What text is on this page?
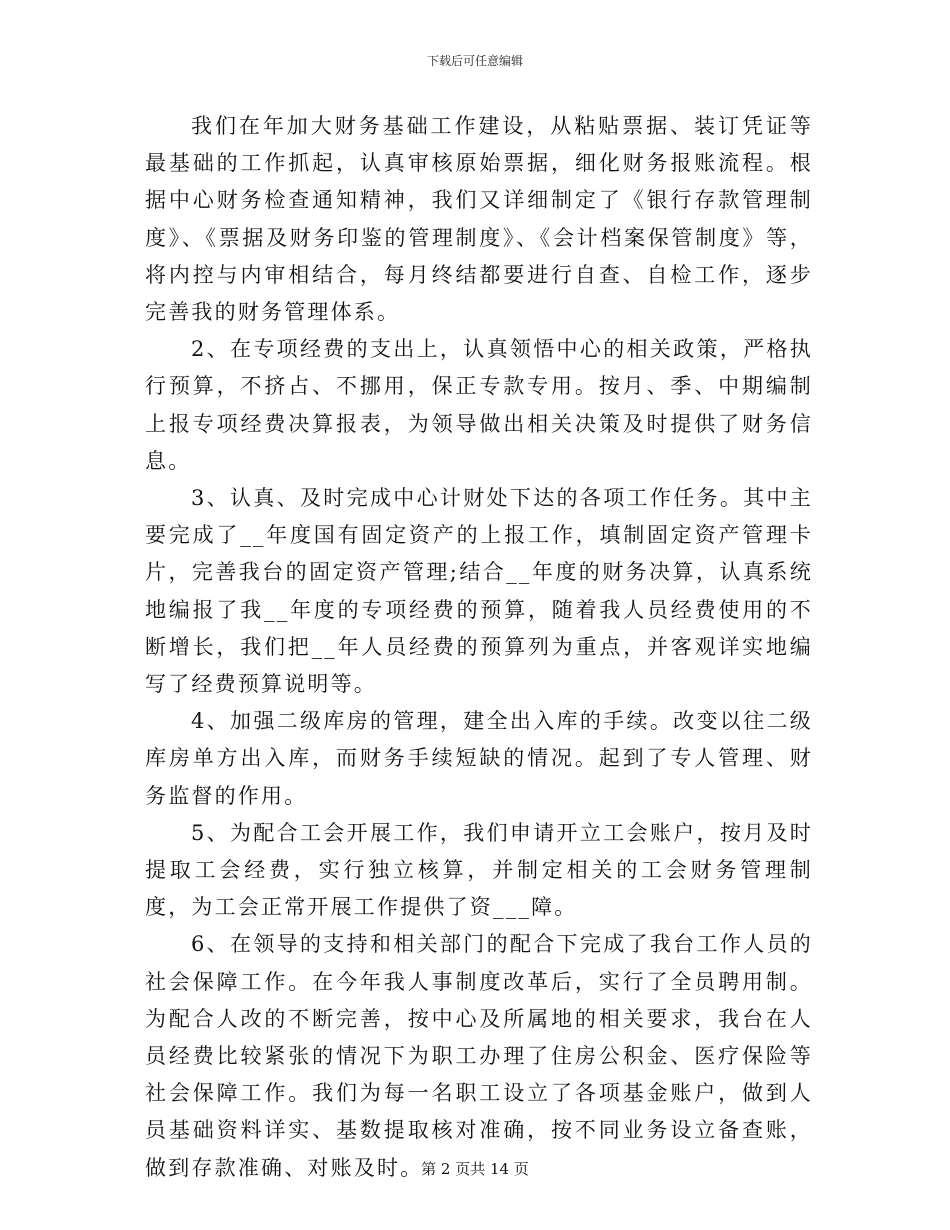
下载后可任意编辑

我们在年加大财务基础工作建设，从粘贴票据、装订凭证等最基础的工作抓起，认真审核原始票据，细化财务报账流程。根据中心财务检查通知精神，我们又详细制定了《银行存款管理制度》、《票据及财务印鉴的管理制度》、《会计档案保管制度》等，将内控与内审相结合，每月终结都要进行自查、自检工作，逐步完善我的财务管理体系。

2、在专项经费的支出上，认真领悟中心的相关政策，严格执行预算，不挤占、不挪用，保正专款专用。按月、季、中期编制上报专项经费决算报表，为领导做出相关决策及时提供了财务信息。

3、认真、及时完成中心计财处下达的各项工作任务。其中主要完成了__年度国有固定资产的上报工作，填制固定资产管理卡片，完善我台的固定资产管理;结合__年度的财务决算，认真系统地编报了我__年度的专项经费的预算，随着我人员经费使用的不断增长，我们把__年人员经费的预算列为重点，并客观详实地编写了经费预算说明等。

4、加强二级库房的管理，建全出入库的手续。改变以往二级库房单方出入库，而财务手续短缺的情况。起到了专人管理、财务监督的作用。

5、为配合工会开展工作，我们申请开立工会账户，按月及时提取工会经费，实行独立核算，并制定相关的工会财务管理制度，为工会正常开展工作提供了资___障。

6、在领导的支持和相关部门的配合下完成了我台工作人员的社会保障工作。在今年我人事制度改革后，实行了全员聘用制。为配合人改的不断完善，按中心及所属地的相关要求，我台在人员经费比较紧张的情况下为职工办理了住房公积金、医疗保险等社会保障工作。我们为每一名职工设立了各项基金账户，做到人员基础资料详实、基数提取核对准确，按不同业务设立备查账，做到存款准确、对账及时。

第 2 页共 14 页
